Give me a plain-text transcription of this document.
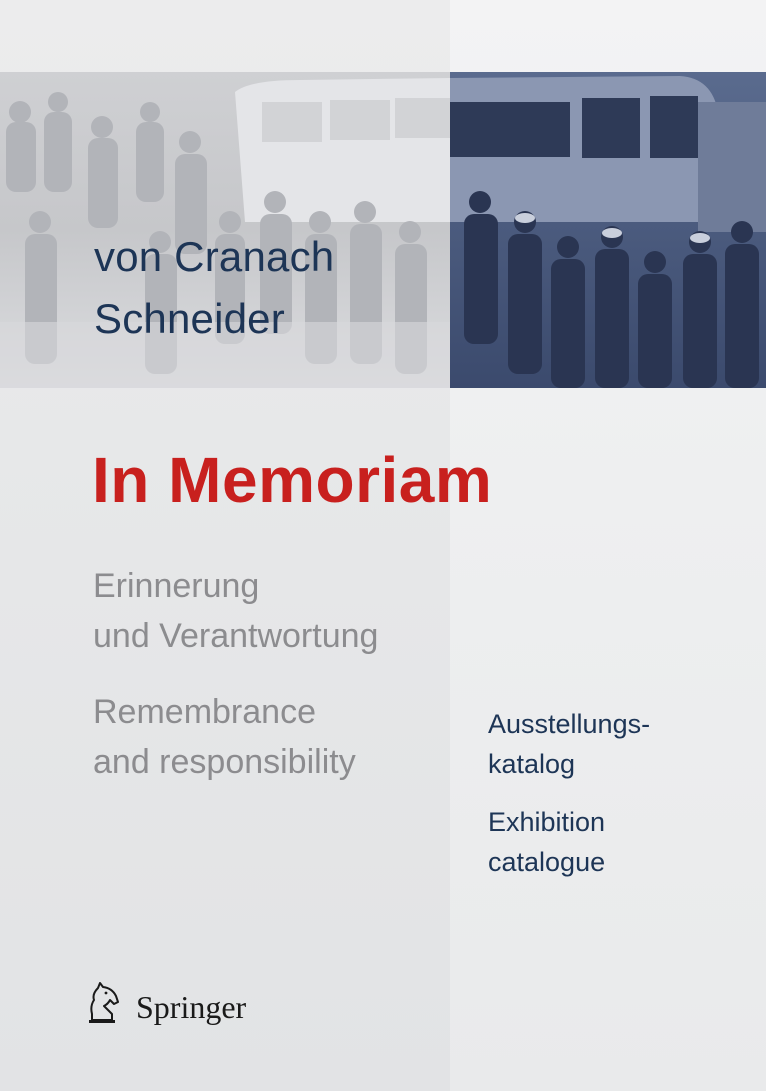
von Cranach
Schneider
In Memoriam
Erinnerung
und Verantwortung
Remembrance
and responsibility
Ausstellungs-
katalog
Exhibition
catalogue
Springer
